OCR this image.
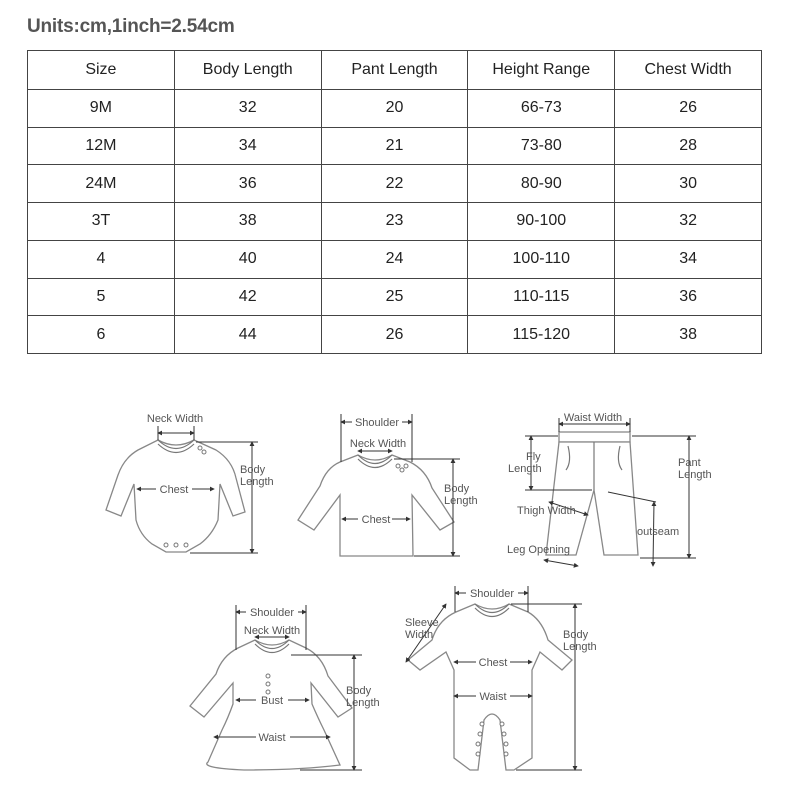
Units:cm,1inch=2.54cm
Size	Body Length	Pant Length	Height Range	Chest Width
9M	32	20	66-73	26
12M	34	21	73-80	28
24M	36	22	80-90	30
3T	38	23	90-100	32
4	40	24	100-110	34
5	42	25	110-115	36
6	44	26	115-120	38
Neck Width
Chest
Body
Length
Shoulder
Neck Width
Chest
Body
Length
Waist Width
Fly
Length	Pant
Length
Thigh Width
outseam
Leg Opening
Shoulder
Neck Width
Bust
Waist
Body
Length
Shoulder
Sleeve
Width
Chest
Waist
Body
Length
